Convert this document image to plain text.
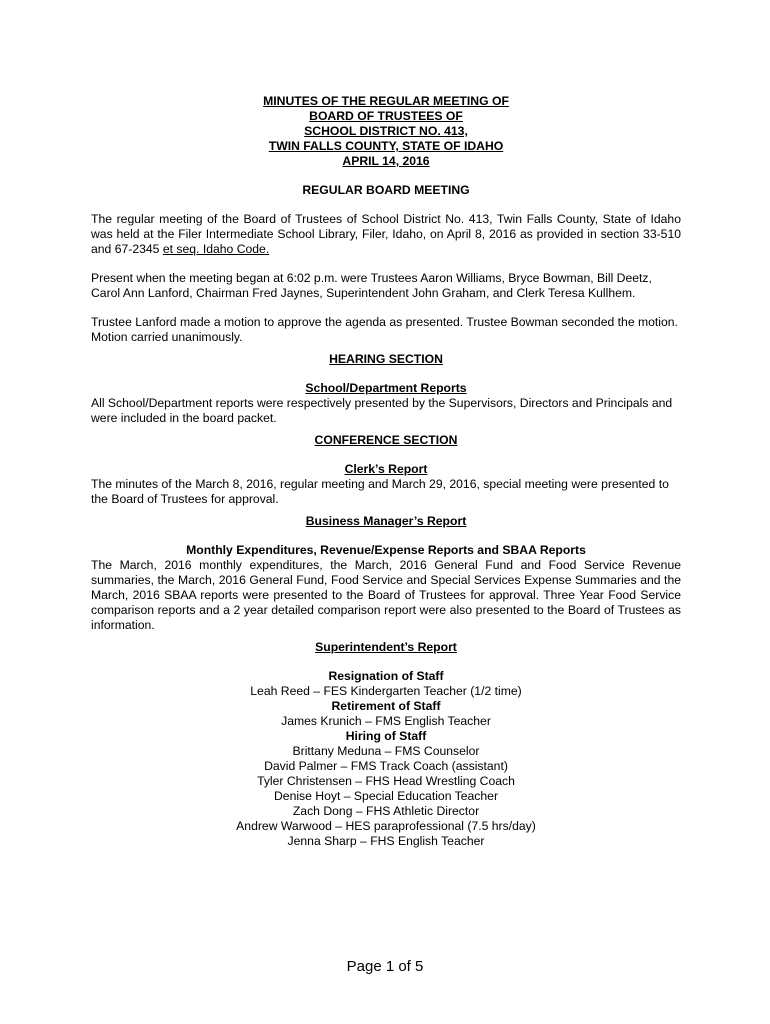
MINUTES OF THE REGULAR MEETING OF
BOARD OF TRUSTEES OF
SCHOOL DISTRICT NO. 413,
TWIN FALLS COUNTY, STATE OF IDAHO
APRIL 14, 2016
REGULAR BOARD MEETING

The regular meeting of the Board of Trustees of School District No. 413, Twin Falls County, State of Idaho was held at the Filer Intermediate School Library, Filer, Idaho, on April 8, 2016 as provided in section 33-510 and 67-2345 et seq. Idaho Code.

Present when the meeting began at 6:02 p.m. were Trustees Aaron Williams, Bryce Bowman, Bill Deetz, Carol Ann Lanford, Chairman Fred Jaynes, Superintendent John Graham, and Clerk Teresa Kullhem.

Trustee Lanford made a motion to approve the agenda as presented. Trustee Bowman seconded the motion. Motion carried unanimously.

HEARING SECTION
School/Department Reports

All School/Department reports were respectively presented by the Supervisors, Directors and Principals and were included in the board packet.

CONFERENCE SECTION
Clerk’s Report

The minutes of the March 8, 2016, regular meeting and March 29, 2016, special meeting were presented to the Board of Trustees for approval.

Business Manager’s Report
Monthly Expenditures, Revenue/Expense Reports and SBAA Reports

The March, 2016 monthly expenditures, the March, 2016 General Fund and Food Service Revenue summaries, the March, 2016 General Fund, Food Service and Special Services Expense Summaries and the March, 2016 SBAA reports were presented to the Board of Trustees for approval. Three Year Food Service comparison reports and a 2 year detailed comparison report were also presented to the Board of Trustees as information.

Superintendent’s Report
Resignation of Staff
Leah Reed – FES Kindergarten Teacher (1/2 time)
Retirement of Staff
James Krunich – FMS English Teacher
Hiring of Staff
Brittany Meduna – FMS Counselor
David Palmer – FMS Track Coach (assistant)
Tyler Christensen – FHS Head Wrestling Coach
Denise Hoyt – Special Education Teacher
Zach Dong – FHS Athletic Director
Andrew Warwood – HES paraprofessional (7.5 hrs/day)
Jenna Sharp – FHS English Teacher
Page 1 of 5
